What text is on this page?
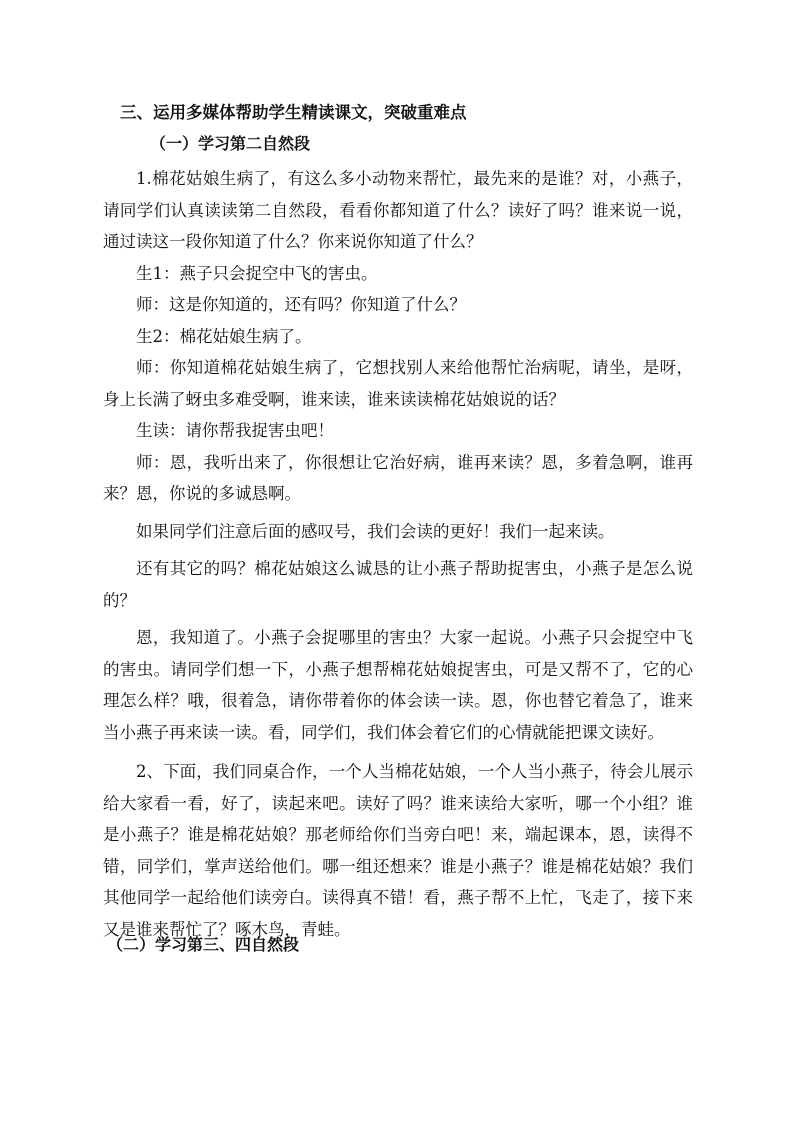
三、运用多媒体帮助学生精读课文，突破重难点
（一）学习第二自然段

1.棉花姑娘生病了，有这么多小动物来帮忙，最先来的是谁？对，小燕子，请同学们认真读读第二自然段，看看你都知道了什么？读好了吗？谁来说一说，通过读这一段你知道了什么？你来说你知道了什么？

生1：燕子只会捉空中飞的害虫。

师：这是你知道的，还有吗？你知道了什么？

生2：棉花姑娘生病了。

师：你知道棉花姑娘生病了，它想找别人来给他帮忙治病呢，请坐，是呀，身上长满了蚜虫多难受啊，谁来读，谁来读读棉花姑娘说的话？

生读：请你帮我捉害虫吧！

师：恩，我听出来了，你很想让它治好病，谁再来读？恩，多着急啊，谁再来？恩，你说的多诚恳啊。

如果同学们注意后面的感叹号，我们会读的更好！我们一起来读。

还有其它的吗？棉花姑娘这么诚恳的让小燕子帮助捉害虫，小燕子是怎么说的？

恩，我知道了。小燕子会捉哪里的害虫？大家一起说。小燕子只会捉空中飞的害虫。请同学们想一下，小燕子想帮棉花姑娘捉害虫，可是又帮不了，它的心理怎么样？哦，很着急，请你带着你的体会读一读。恩，你也替它着急了，谁来当小燕子再来读一读。看，同学们，我们体会着它们的心情就能把课文读好。

2、下面，我们同桌合作，一个人当棉花姑娘，一个人当小燕子，待会儿展示给大家看一看，好了，读起来吧。读好了吗？谁来读给大家听，哪一个小组？谁是小燕子？谁是棉花姑娘？那老师给你们当旁白吧！来，端起课本，恩，读得不错，同学们，掌声送给他们。哪一组还想来？谁是小燕子？谁是棉花姑娘？我们其他同学一起给他们读旁白。读得真不错！看，燕子帮不上忙，飞走了，接下来又是谁来帮忙了？啄木鸟，青蛙。

（二）学习第三、四自然段
